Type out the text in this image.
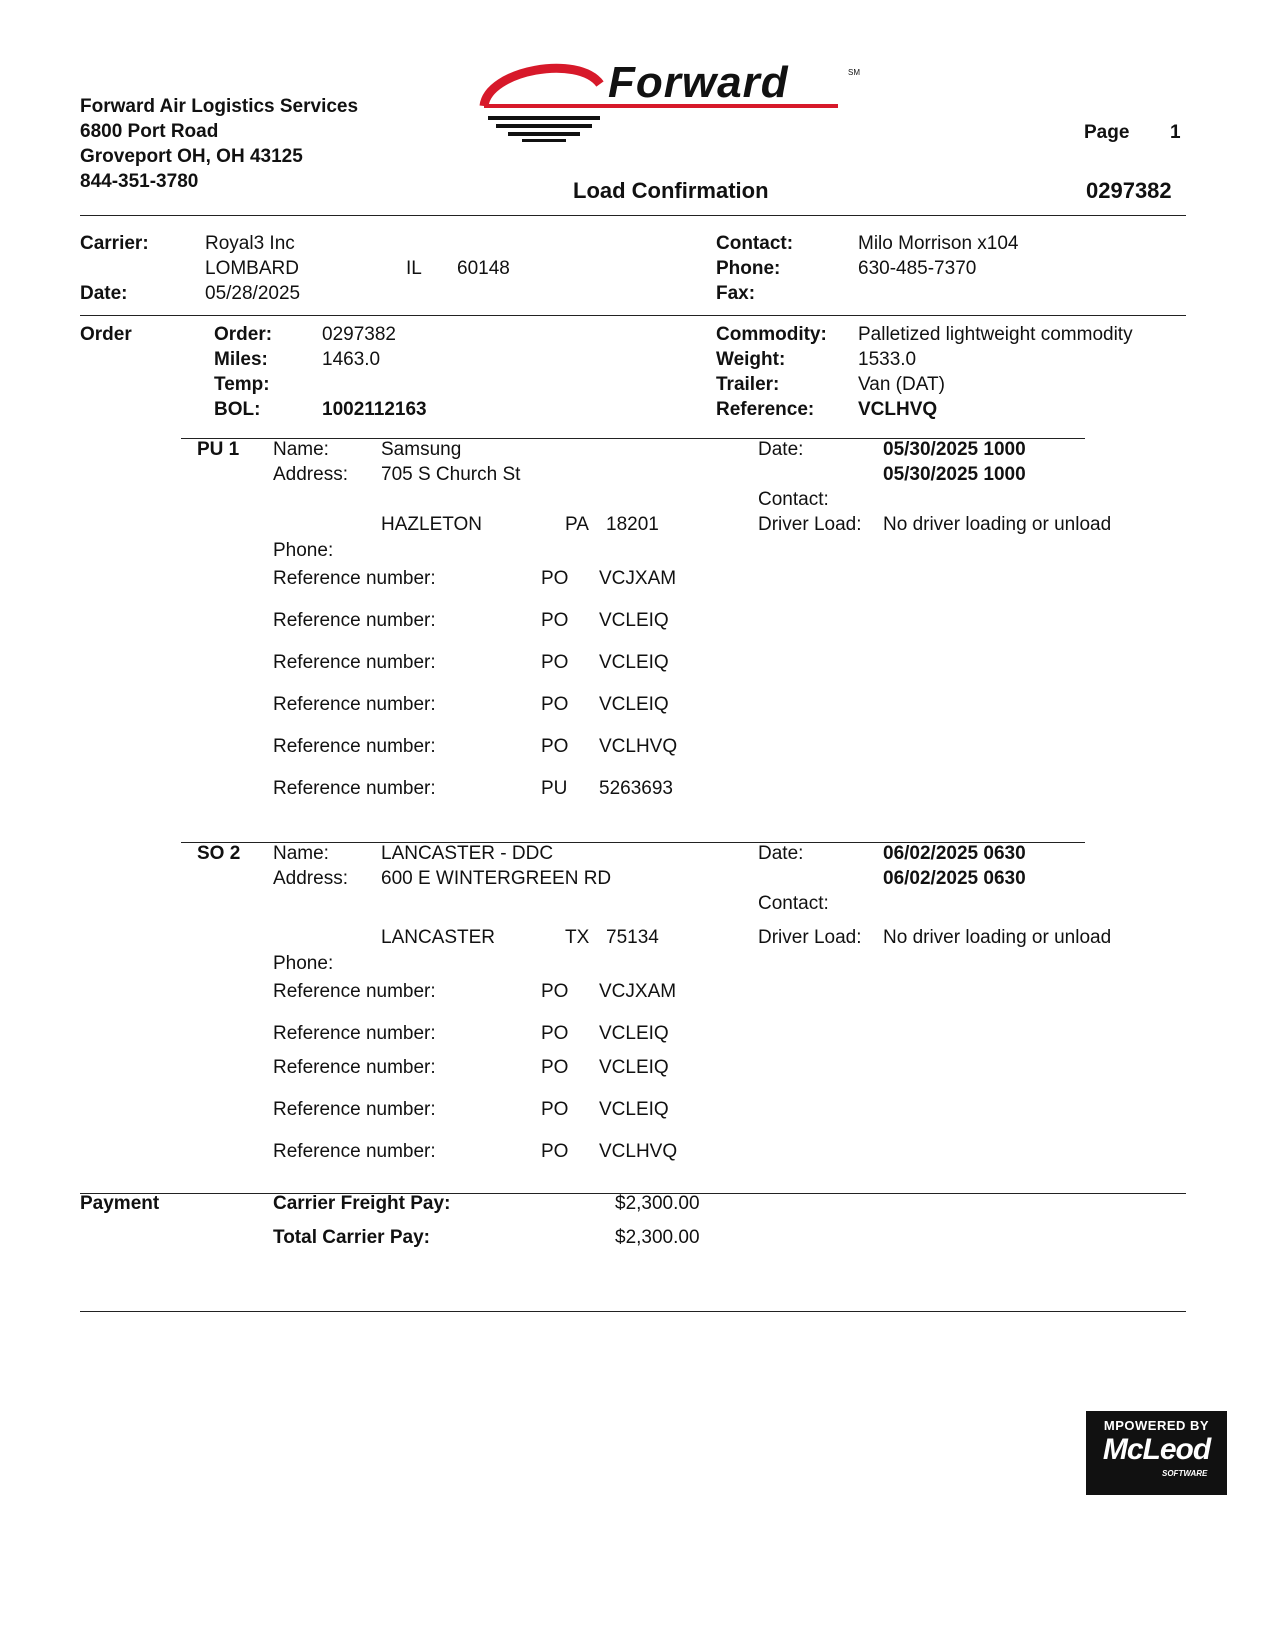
Forward Air Logistics Services
6800 Port Road
Groveport OH, OH 43125
844-351-3780
Forward	SM
Page 1
Load Confirmation	0297382
Carrier:	Royal3 Inc
LOMBARD	IL 60148
Date:	05/28/2025
Contact:	Milo Morrison x104
Phone:	630-485-7370
Fax:
Order	Order:	0297382
Miles:	1463.0
Temp:
BOL:	1002112163
Commodity: Palletized lightweight commodity
Weight:	1533.0
Trailer:	Van (DAT)
Reference: VCLHVQ
PU 1 Name:	Samsung
Address: 705 S Church St
HAZLETON	PA 18201
Phone:
Date:	05/30/2025 1000
05/30/2025 1000
Contact:
Driver Load: No driver loading or unload
Reference number:	PO VCJXAM
Reference number:	PO VCLEIQ
Reference number:	PO VCLEIQ
Reference number:	PO VCLEIQ
Reference number:	PO VCLHVQ
Reference number:	PU 5263693
SO 2 Name:	LANCASTER - DDC
Address: 600 E WINTERGREEN RD
LANCASTER	TX 75134
Phone:
Date:	06/02/2025 0630
06/02/2025 0630
Contact:
Driver Load: No driver loading or unload
Reference number:	PO VCJXAM
Reference number:	PO VCLEIQ
Reference number:	PO VCLEIQ
Reference number:	PO VCLEIQ
Reference number:	PO VCLHVQ
Payment	Carrier Freight Pay:	$2,300.00
Total Carrier Pay:	$2,300.00
MPOWERED BY
McLeod
SOFTWARE
